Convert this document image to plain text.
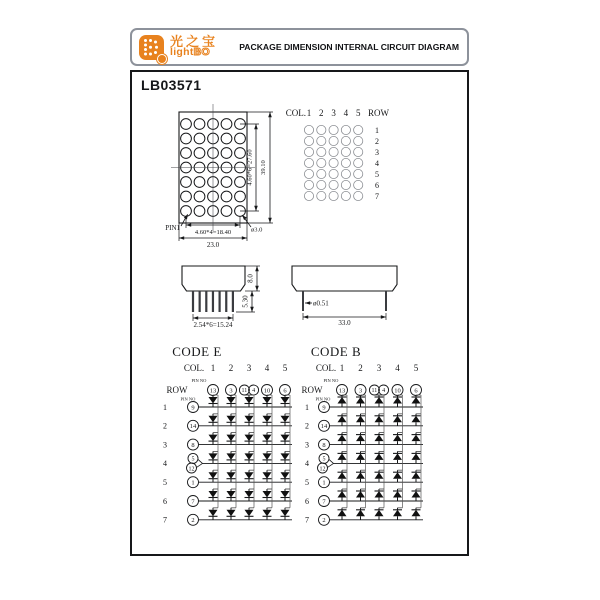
光之宝
lightBO	PACKAGE DIMENSION INTERNAL CIRCUIT DIAGRAM
LB03571
4.60*6=27.60 39.10
4.60*4=18.40
23.0
PIN1	ø3.0
COL. 1 2 3 4 5 ROW
1
2
3
4
5
6
7
8.0
5.30
2.54*6=15.24
ø0.51
33.0
CODE E
COL. 1 2 3 4 5
PIN NO
13 3 11 4 10 6
ROW
PIN NO
1
2
3
4
5
6
7
9
14
8
5
12
1
7
2
CODE B
COL. 1 2 3 4 5
PIN NO
13 3 11 4 10 6
ROW
PIN NO
1
2
3
4
5
6
7
9
14
8
5
12
1
7
2
